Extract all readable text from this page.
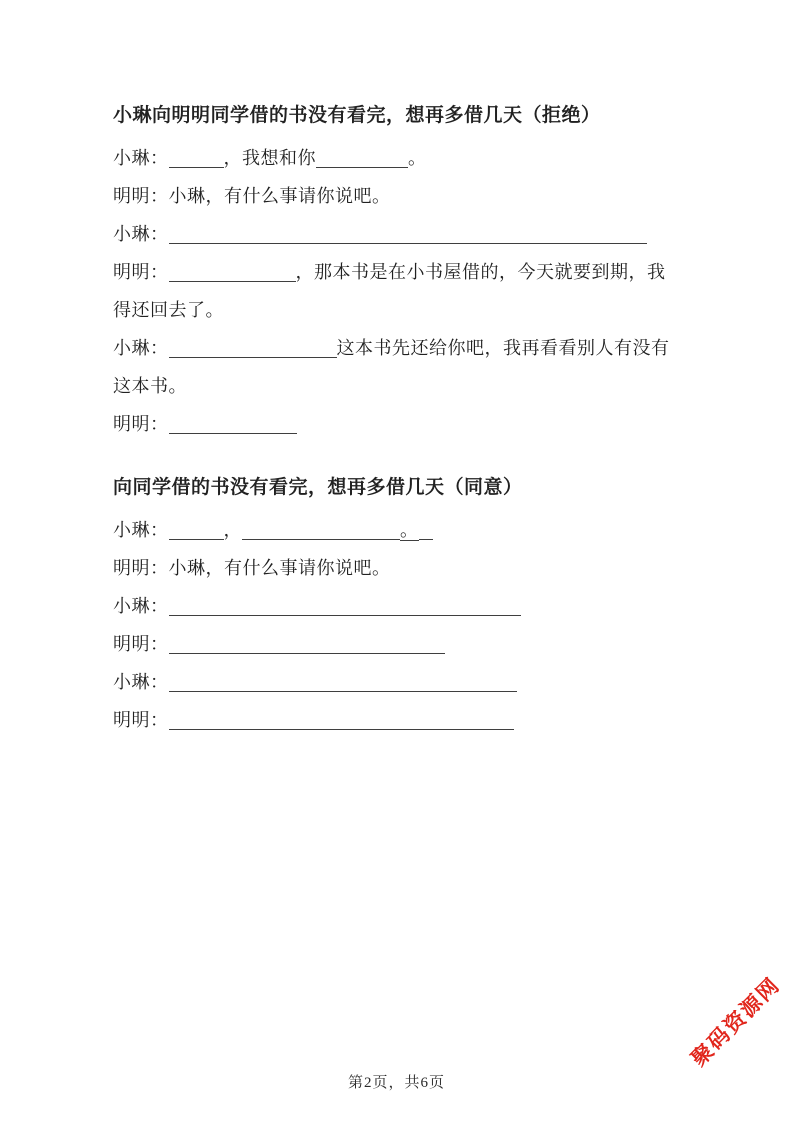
小琳向明明同学借的书没有看完，想再多借几天（拒绝）

小琳：	，我想和你	。

明明：小琳，有什么事请你说吧。

小琳：

明明：	，那本书是在小书屋借的，今天就要到期，我

得还回去了。

小琳：	这本书先还给你吧，我再看看别人有没有

这本书。

明明：

向同学借的书没有看完，想再多借几天（同意）

小琳：	，	。

明明：小琳，有什么事请你说吧。

小琳：

明明：

小琳：

明明：

第2页，共6页
聚码资源网
